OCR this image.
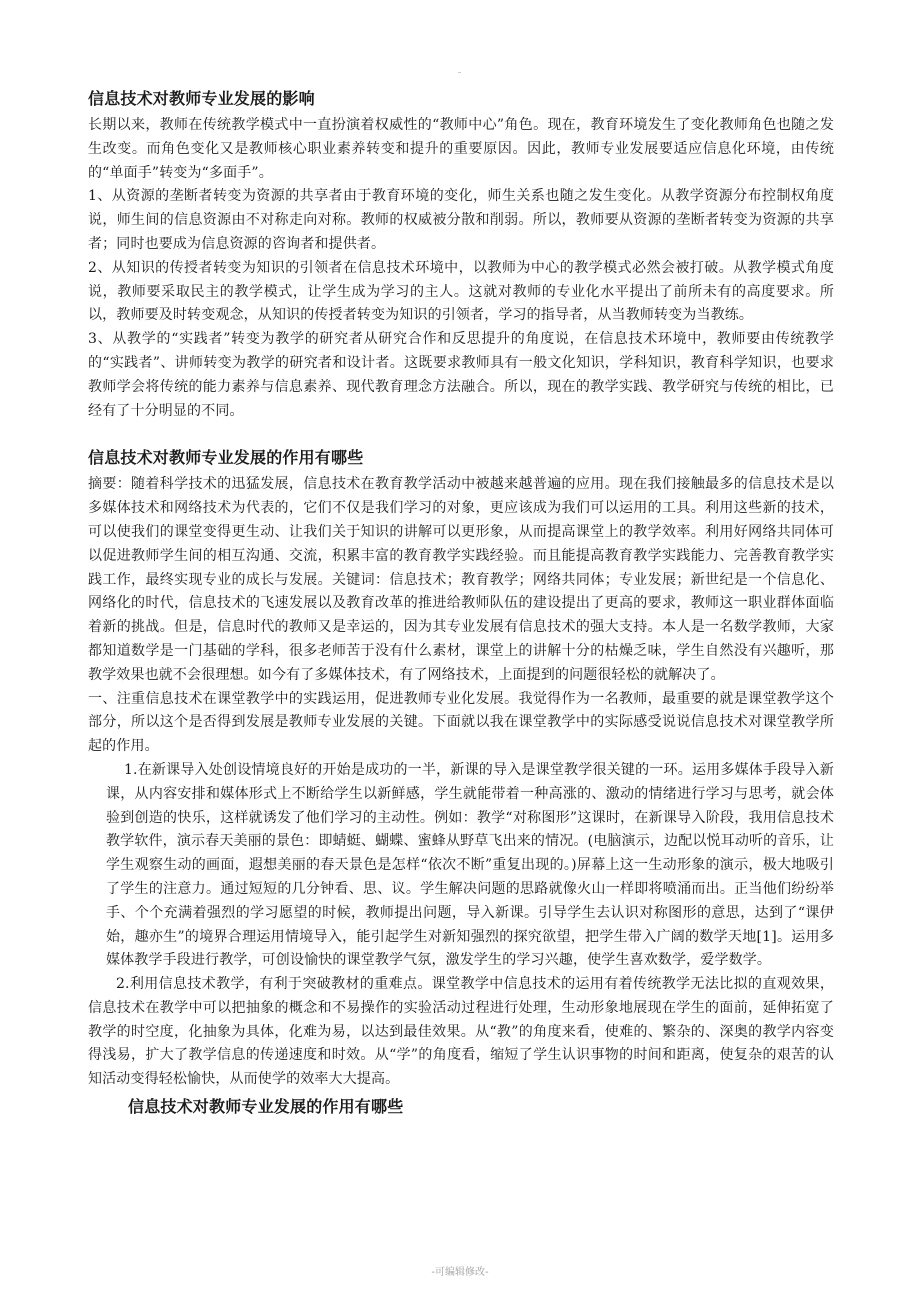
信息技术对教师专业发展的影响

长期以来，教师在传统教学模式中一直扮演着权威性的“教师中心”角色。现在，教育环境发生了变化教师角色也随之发生改变。而角色变化又是教师核心职业素养转变和提升的重要原因。因此，教师专业发展要适应信息化环境，由传统的“单面手”转变为“多面手”。

1、从资源的垄断者转变为资源的共享者由于教育环境的变化，师生关系也随之发生变化。从教学资源分布控制权角度说，师生间的信息资源由不对称走向对称。教师的权威被分散和削弱。所以，教师要从资源的垄断者转变为资源的共享者；同时也要成为信息资源的咨询者和提供者。

2、从知识的传授者转变为知识的引领者在信息技术环境中，以教师为中心的教学模式必然会被打破。从教学模式角度说，教师要采取民主的教学模式，让学生成为学习的主人。这就对教师的专业化水平提出了前所未有的高度要求。所以，教师要及时转变观念，从知识的传授者转变为知识的引领者，学习的指导者，从当教师转变为当教练。

3、从教学的“实践者”转变为教学的研究者从研究合作和反思提升的角度说，在信息技术环境中，教师要由传统教学的“实践者”、讲师转变为教学的研究者和设计者。这既要求教师具有一般文化知识，学科知识，教育科学知识，也要求教师学会将传统的能力素养与信息素养、现代教育理念方法融合。所以，现在的教学实践、教学研究与传统的相比，已经有了十分明显的不同。

信息技术对教师专业发展的作用有哪些

摘要：随着科学技术的迅猛发展，信息技术在教育教学活动中被越来越普遍的应用。现在我们接触最多的信息技术是以多媒体技术和网络技术为代表的，它们不仅是我们学习的对象，更应该成为我们可以运用的工具。利用这些新的技术，可以使我们的课堂变得更生动、让我们关于知识的讲解可以更形象，从而提高课堂上的教学效率。利用好网络共同体可以促进教师学生间的相互沟通、交流，积累丰富的教育教学实践经验。而且能提高教育教学实践能力、完善教育教学实践工作，最终实现专业的成长与发展。关键词：信息技术；教育教学；网络共同体；专业发展；新世纪是一个信息化、网络化的时代，信息技术的飞速发展以及教育改革的推进给教师队伍的建设提出了更高的要求，教师这一职业群体面临着新的挑战。但是，信息时代的教师又是幸运的，因为其专业发展有信息技术的强大支持。本人是一名数学教师，大家都知道数学是一门基础的学科，很多老师苦于没有什么素材，课堂上的讲解十分的枯燥乏味，学生自然没有兴趣听，那教学效果也就不会很理想。如今有了多媒体技术，有了网络技术，上面提到的问题很轻松的就解决了。

一、注重信息技术在课堂教学中的实践运用，促进教师专业化发展。我觉得作为一名教师，最重要的就是课堂教学这个部分，所以这个是否得到发展是教师专业发展的关键。下面就以我在课堂教学中的实际感受说说信息技术对课堂教学所起的作用。

1.在新课导入处创设情境良好的开始是成功的一半，新课的导入是课堂教学很关键的一环。运用多媒体手段导入新课，从内容安排和媒体形式上不断给学生以新鲜感，学生就能带着一种高涨的、激动的情绪进行学习与思考，就会体验到创造的快乐，这样就诱发了他们学习的主动性。例如：教学“对称图形”这课时，在新课导入阶段，我用信息技术教学软件，演示春天美丽的景色：即蜻蜓、蝴蝶、蜜蜂从野草飞出来的情况。(电脑演示，边配以悦耳动听的音乐，让学生观察生动的画面，遐想美丽的春天景色是怎样“依次不断”重复出现的。)屏幕上这一生动形象的演示，极大地吸引了学生的注意力。通过短短的几分钟看、思、议。学生解决问题的思路就像火山一样即将喷涌而出。正当他们纷纷举手、个个充满着强烈的学习愿望的时候，教师提出问题，导入新课。引导学生去认识对称图形的意思，达到了“课伊始，趣亦生”的境界合理运用情境导入，能引起学生对新知强烈的探究欲望，把学生带入广阔的数学天地[1]。运用多媒体教学手段进行教学，可创设愉快的课堂教学气氛，激发学生的学习兴趣，使学生喜欢数学，爱学数学。

2.利用信息技术教学，有利于突破教材的重难点。课堂教学中信息技术的运用有着传统教学无法比拟的直观效果，信息技术在教学中可以把抽象的概念和不易操作的实验活动过程进行处理，生动形象地展现在学生的面前，延伸拓宽了教学的时空度，化抽象为具体，化难为易，以达到最佳效果。从“教”的角度来看，使难的、繁杂的、深奥的教学内容变得浅易，扩大了教学信息的传递速度和时效。从“学”的角度看，缩短了学生认识事物的时间和距离，使复杂的艰苦的认知活动变得轻松愉快，从而使学的效率大大提高。

信息技术对教师专业发展的作用有哪些
-可编辑修改-
